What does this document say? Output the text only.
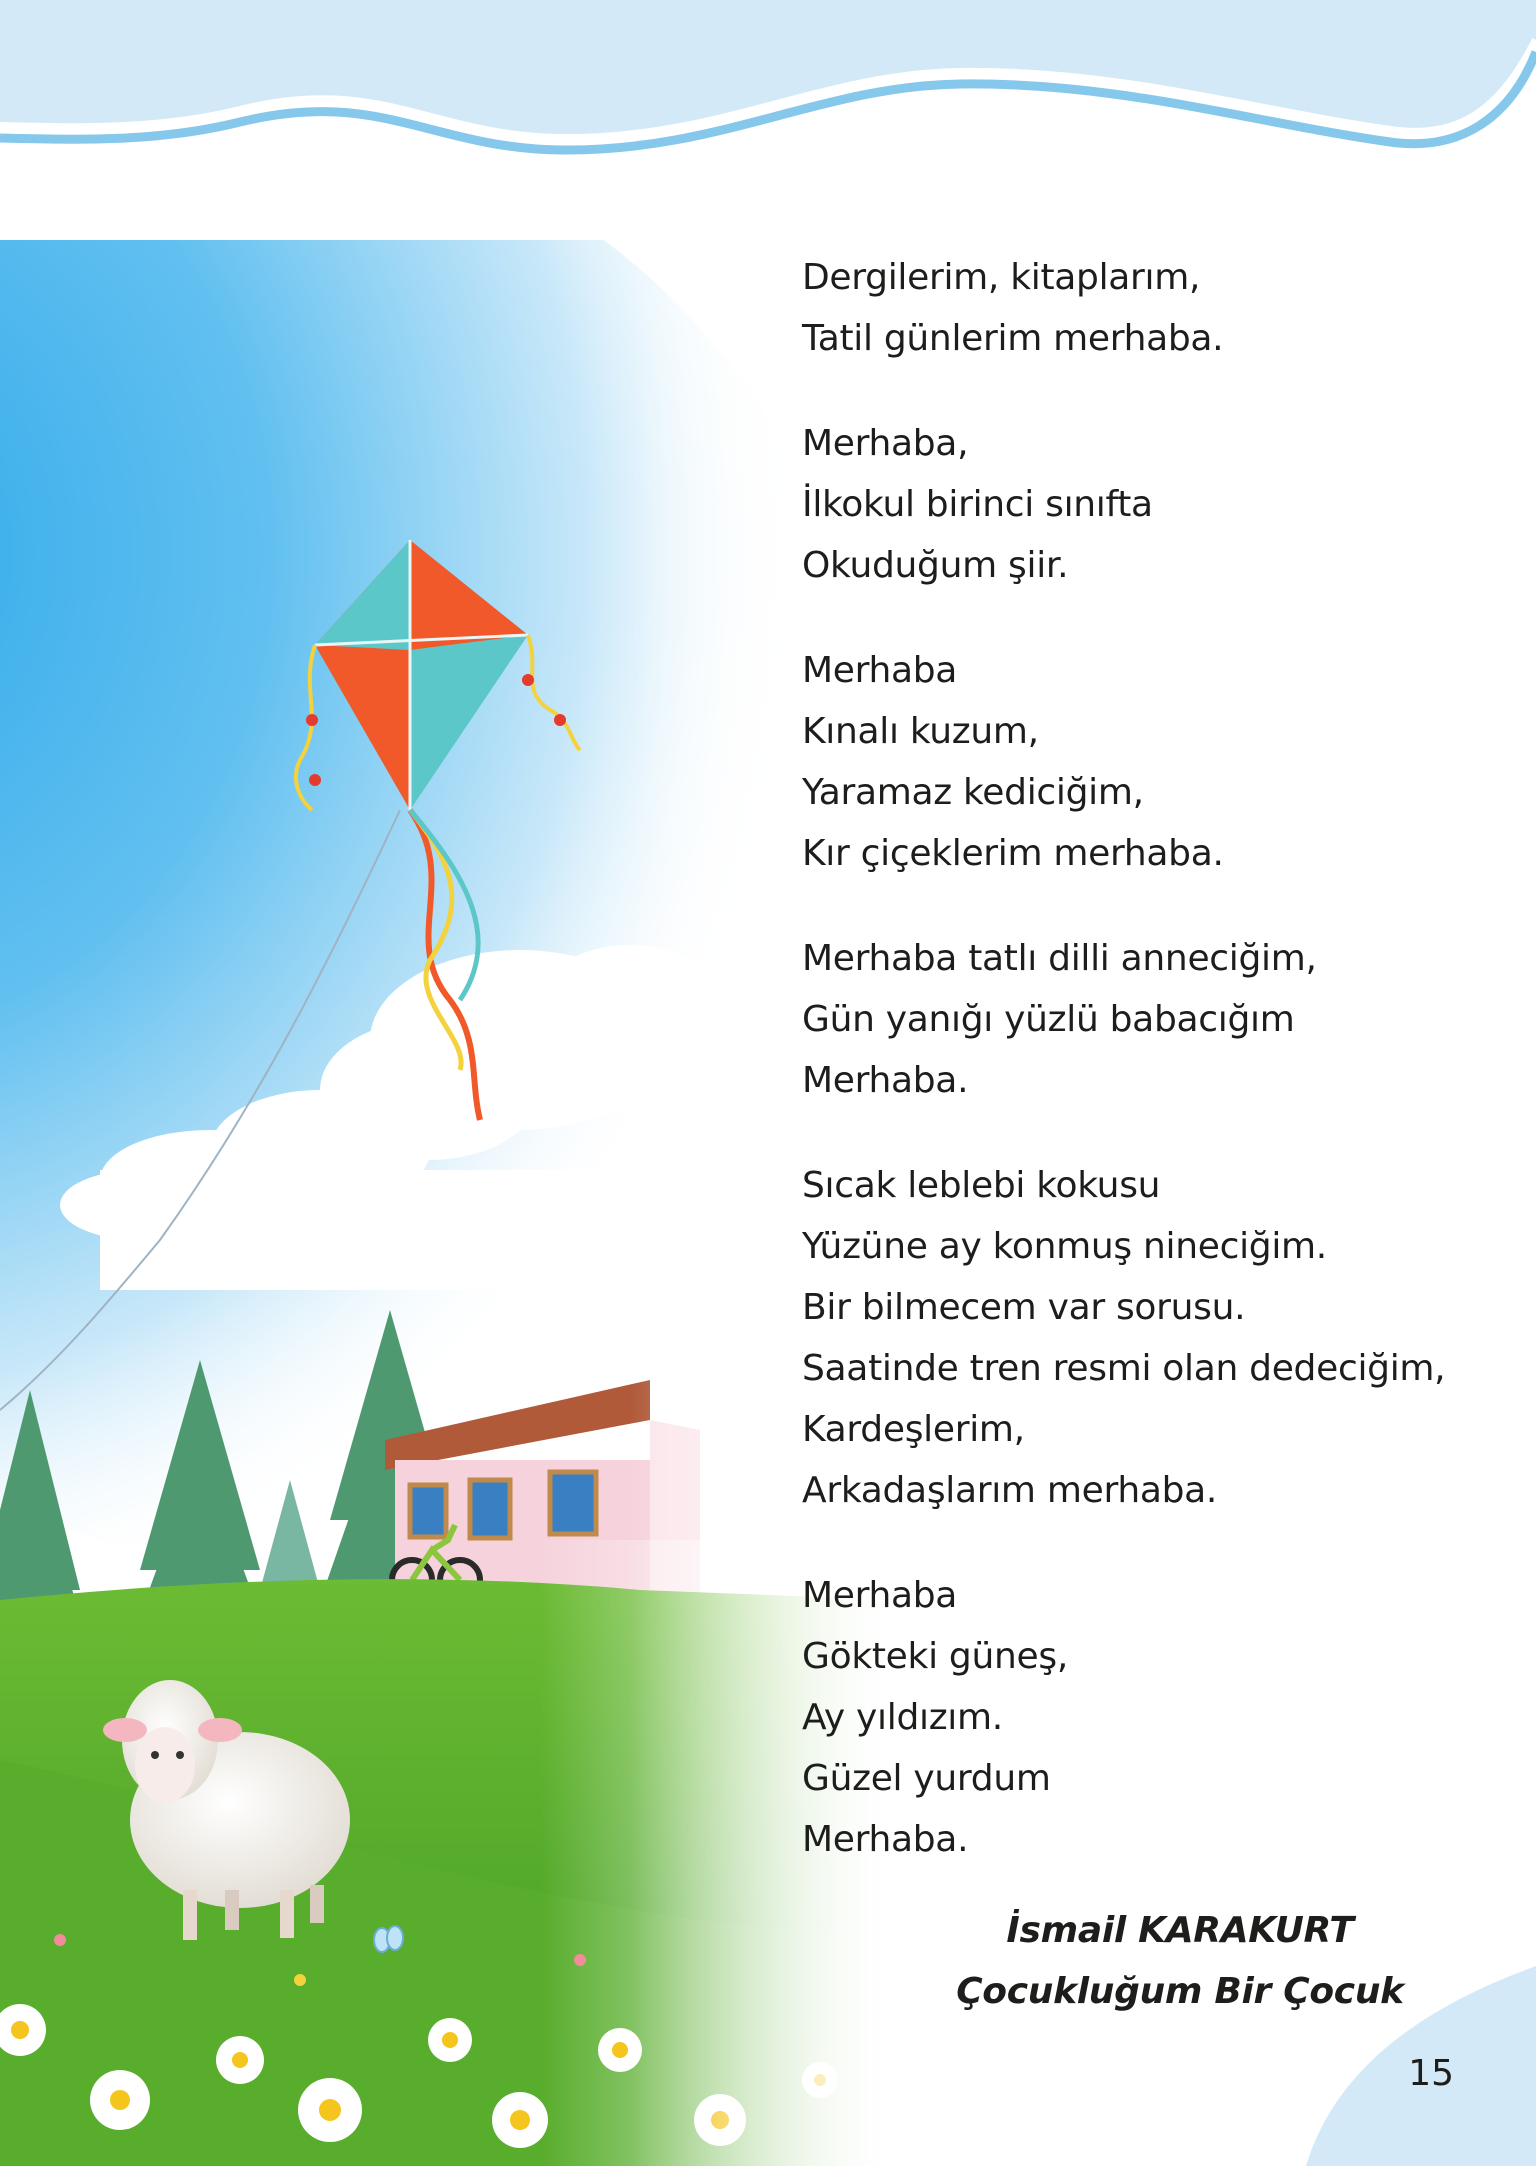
Dergilerim, kitaplarım,
Tatil günlerim merhaba.
Merhaba,
İlkokul birinci sınıfta
Okuduğum şiir.
Merhaba
Kınalı kuzum,
Yaramaz kediciğim,
Kır çiçeklerim merhaba.
Merhaba tatlı dilli anneciğim,
Gün yanığı yüzlü babacığım
Merhaba.
Sıcak leblebi kokusu
Yüzüne ay konmuş nineciğim.
Bir bilmecem var sorusu.
Saatinde tren resmi olan dedeciğim,
Kardeşlerim,
Arkadaşlarım merhaba.
Merhaba
Gökteki güneş,
Ay yıldızım.
Güzel yurdum
Merhaba.
İsmail KARAKURT
Çocukluğum Bir Çocuk
15
